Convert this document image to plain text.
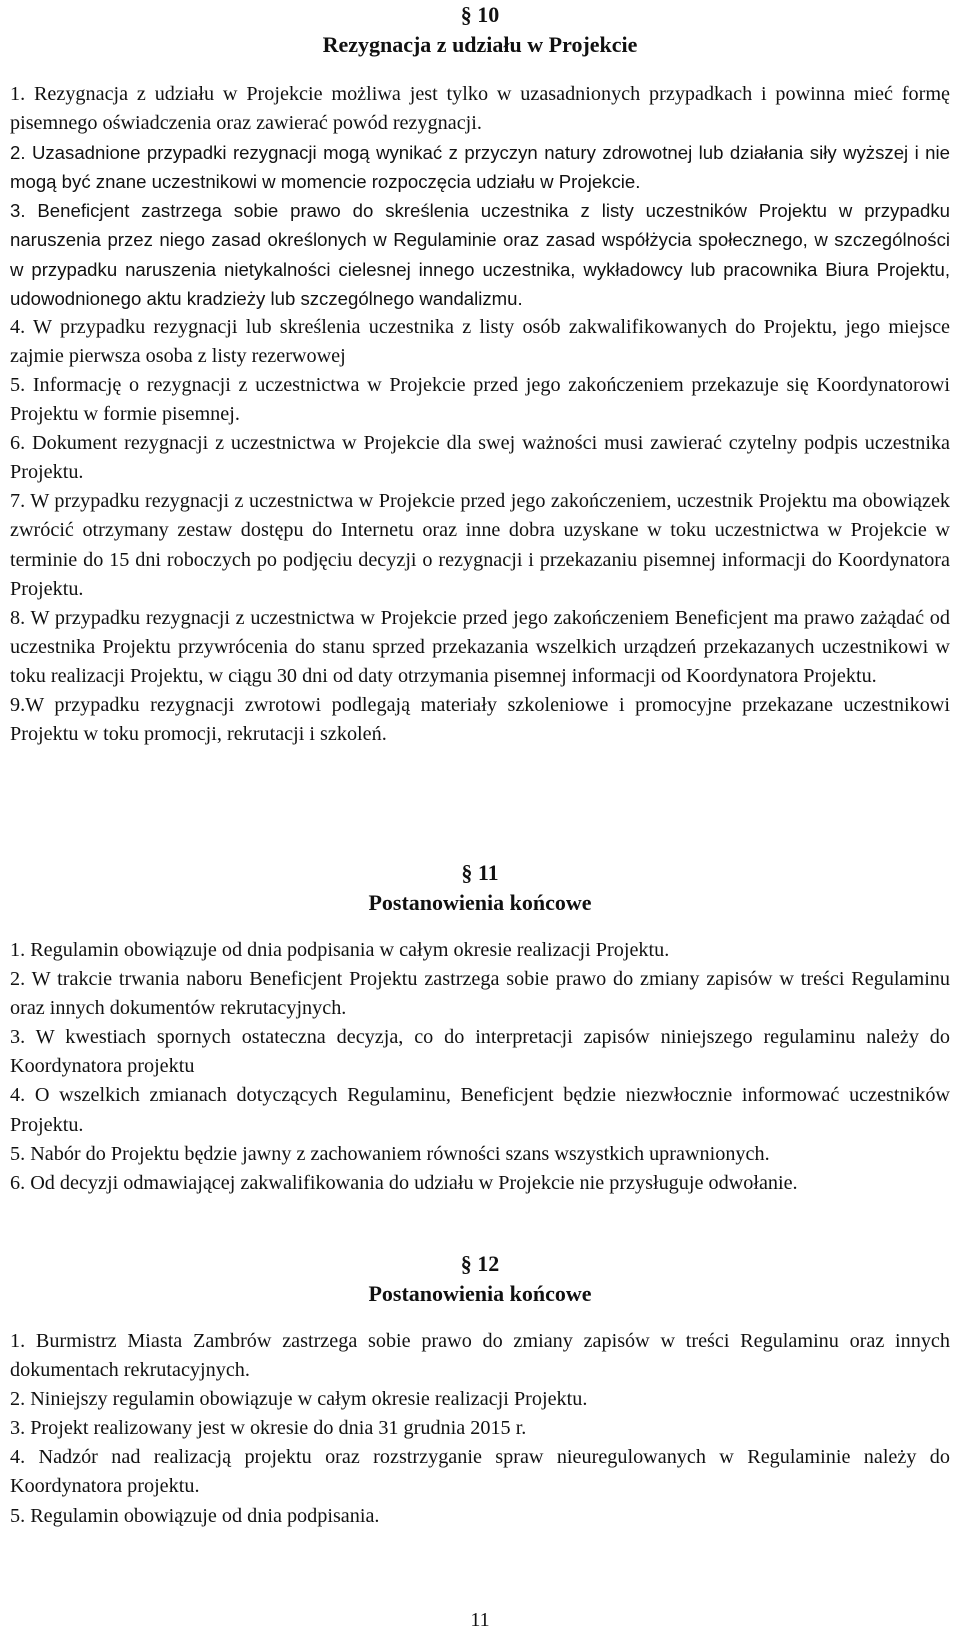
§ 10
Rezygnacja z udziału w Projekcie

1. Rezygnacja z udziału w Projekcie możliwa jest tylko w uzasadnionych przypadkach i powinna mieć formę pisemnego oświadczenia oraz zawierać powód rezygnacji.

2. Uzasadnione przypadki rezygnacji mogą wynikać z przyczyn natury zdrowotnej lub działania siły wyższej i nie mogą być znane uczestnikowi w momencie rozpoczęcia udziału w Projekcie.

3. Beneficjent zastrzega sobie prawo do skreślenia uczestnika z listy uczestników Projektu w przypadku naruszenia przez niego zasad określonych w Regulaminie oraz zasad współżycia społecznego, w szczególności w przypadku naruszenia nietykalności cielesnej innego uczestnika, wykładowcy lub pracownika Biura Projektu, udowodnionego aktu kradzieży lub szczególnego wandalizmu.

4. W przypadku rezygnacji lub skreślenia uczestnika z listy osób zakwalifikowanych do Projektu, jego miejsce zajmie pierwsza osoba z listy rezerwowej

5. Informację o rezygnacji z uczestnictwa w Projekcie przed jego zakończeniem przekazuje się Koordynatorowi Projektu w formie pisemnej.

6. Dokument rezygnacji z uczestnictwa w Projekcie dla swej ważności musi zawierać czytelny podpis uczestnika Projektu.

7. W przypadku rezygnacji z uczestnictwa w Projekcie przed jego zakończeniem, uczestnik Projektu ma obowiązek zwrócić otrzymany zestaw dostępu do Internetu oraz inne dobra uzyskane w toku uczestnictwa w Projekcie w terminie do 15 dni roboczych po podjęciu decyzji o rezygnacji i przekazaniu pisemnej informacji do Koordynatora Projektu.

8. W przypadku rezygnacji z uczestnictwa w Projekcie przed jego zakończeniem Beneficjent ma prawo zażądać od uczestnika Projektu przywrócenia do stanu sprzed przekazania wszelkich urządzeń przekazanych uczestnikowi w toku realizacji Projektu, w ciągu 30 dni od daty otrzymania pisemnej informacji od Koordynatora Projektu.

9.W przypadku rezygnacji zwrotowi podlegają materiały szkoleniowe i promocyjne przekazane uczestnikowi Projektu w toku promocji, rekrutacji i szkoleń.

§ 11
Postanowienia końcowe

1. Regulamin obowiązuje od dnia podpisania w całym okresie realizacji Projektu.

2. W trakcie trwania naboru Beneficjent Projektu zastrzega sobie prawo do zmiany zapisów w treści Regulaminu oraz innych dokumentów rekrutacyjnych.

3. W kwestiach spornych ostateczna decyzja, co do interpretacji zapisów niniejszego regulaminu należy do Koordynatora projektu

4. O wszelkich zmianach dotyczących Regulaminu, Beneficjent będzie niezwłocznie informować uczestników Projektu.

5. Nabór do Projektu będzie jawny z zachowaniem równości szans wszystkich uprawnionych.

6. Od decyzji odmawiającej zakwalifikowania do udziału w Projekcie nie przysługuje odwołanie.

§ 12
Postanowienia końcowe

1. Burmistrz Miasta Zambrów zastrzega sobie prawo do zmiany zapisów w treści Regulaminu oraz innych dokumentach rekrutacyjnych.

2. Niniejszy regulamin obowiązuje w całym okresie realizacji Projektu.

3. Projekt realizowany jest w okresie do dnia 31 grudnia 2015 r.

4. Nadzór nad realizacją projektu oraz rozstrzyganie spraw nieuregulowanych w Regulaminie należy do Koordynatora projektu.

5. Regulamin obowiązuje od dnia podpisania.

11
